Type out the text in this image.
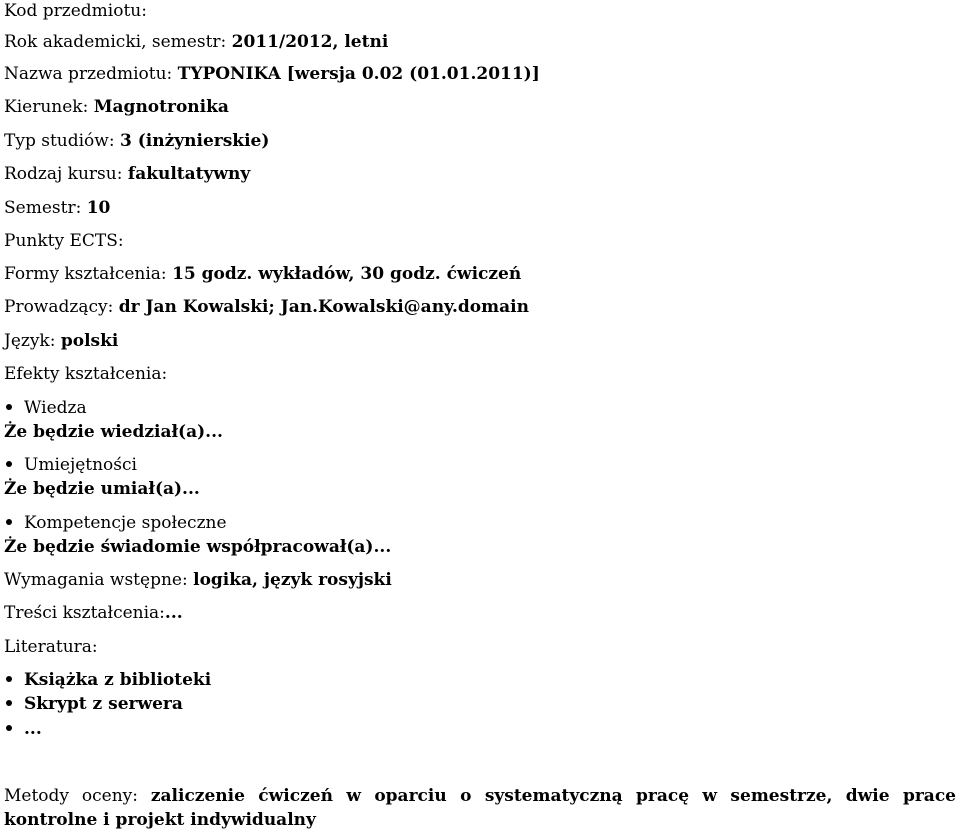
Kod przedmiotu:
Rok akademicki, semestr: 2011/2012, letni
Nazwa przedmiotu: TYPONIKA [wersja 0.02 (01.01.2011)]
Kierunek: Magnotronika
Typ studiów: 3 (inżynierskie)
Rodzaj kursu: fakultatywny
Semestr: 10
Punkty ECTS:
Formy kształcenia: 15 godz. wykładów, 30 godz. ćwiczeń
Prowadzący: dr Jan Kowalski; Jan.Kowalski@any.domain
Język: polski
Efekty kształcenia:
Wiedza
Że będzie wiedział(a)...
Umiejętności
Że będzie umiał(a)...
Kompetencje społeczne
Że będzie świadomie współpracował(a)...
Wymagania wstępne: logika, język rosyjski
Treści kształcenia:...
Literatura:
Książka z biblioteki
Skrypt z serwera
...
Metody oceny: zaliczenie ćwiczeń w oparciu o systematyczną pracę w semestrze, dwie prace kontrolne i projekt indywidualny
